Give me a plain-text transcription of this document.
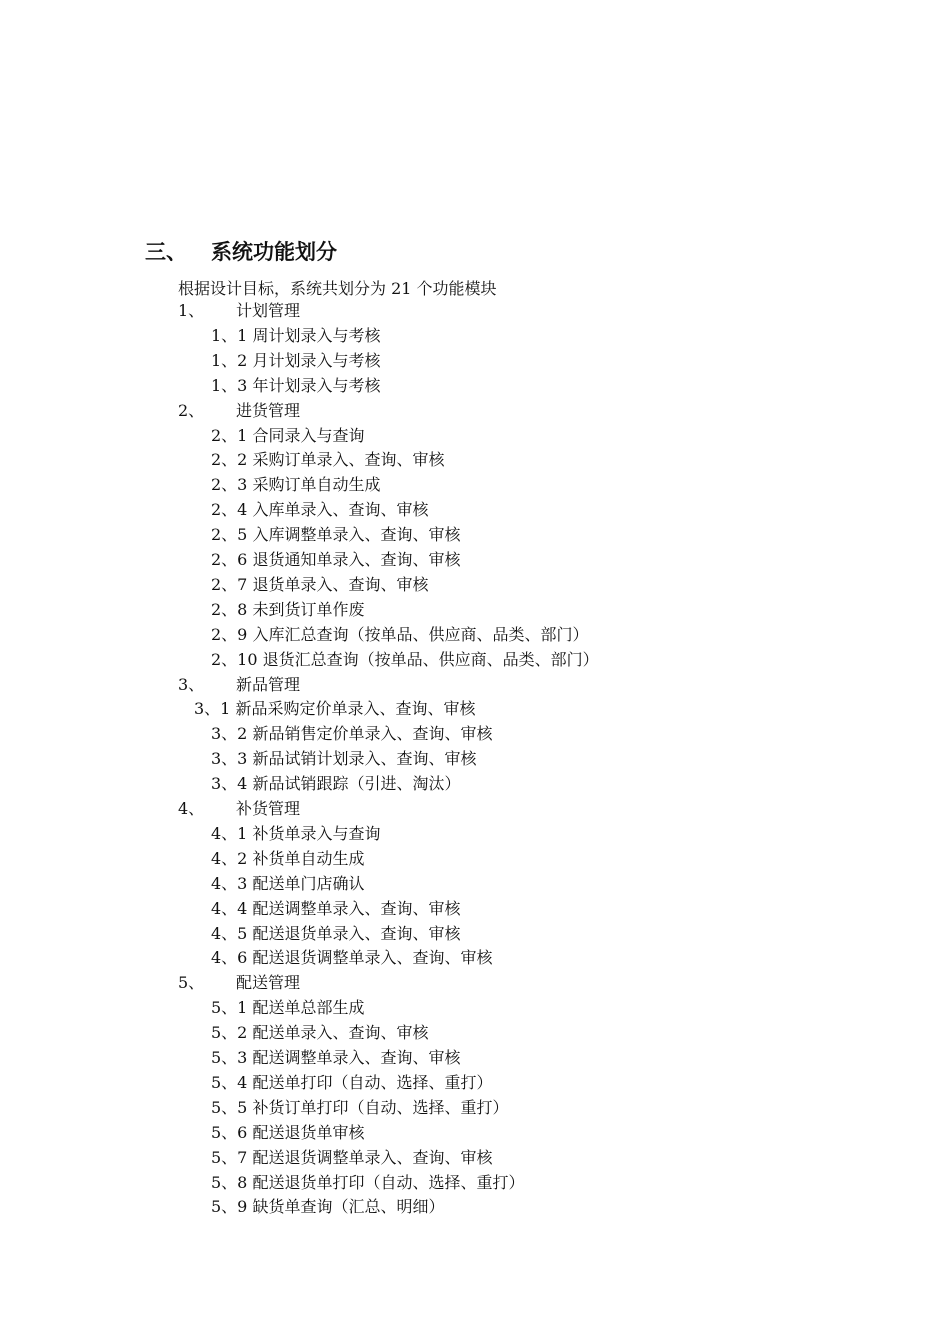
三、 系统功能划分
根据设计目标，系统共划分为 21 个功能模块
1、 计划管理
1、1 周计划录入与考核
1、2 月计划录入与考核
1、3 年计划录入与考核
2、 进货管理
2、1 合同录入与查询
2、2 采购订单录入、查询、审核
2、3 采购订单自动生成
2、4 入库单录入、查询、审核
2、5 入库调整单录入、查询、审核
2、6 退货通知单录入、查询、审核
2、7 退货单录入、查询、审核
2、8 未到货订单作废
2、9 入库汇总查询（按单品、供应商、品类、部门）
2、10 退货汇总查询（按单品、供应商、品类、部门）
3、 新品管理
3、1 新品采购定价单录入、查询、审核
3、2 新品销售定价单录入、查询、审核
3、3 新品试销计划录入、查询、审核
3、4 新品试销跟踪（引进、淘汰）
4、 补货管理
4、1 补货单录入与查询
4、2 补货单自动生成
4、3 配送单门店确认
4、4 配送调整单录入、查询、审核
4、5 配送退货单录入、查询、审核
4、6 配送退货调整单录入、查询、审核
5、 配送管理
5、1 配送单总部生成
5、2 配送单录入、查询、审核
5、3 配送调整单录入、查询、审核
5、4 配送单打印（自动、选择、重打）
5、5 补货订单打印（自动、选择、重打）
5、6 配送退货单审核
5、7 配送退货调整单录入、查询、审核
5、8 配送退货单打印（自动、选择、重打）
5、9 缺货单查询（汇总、明细）
